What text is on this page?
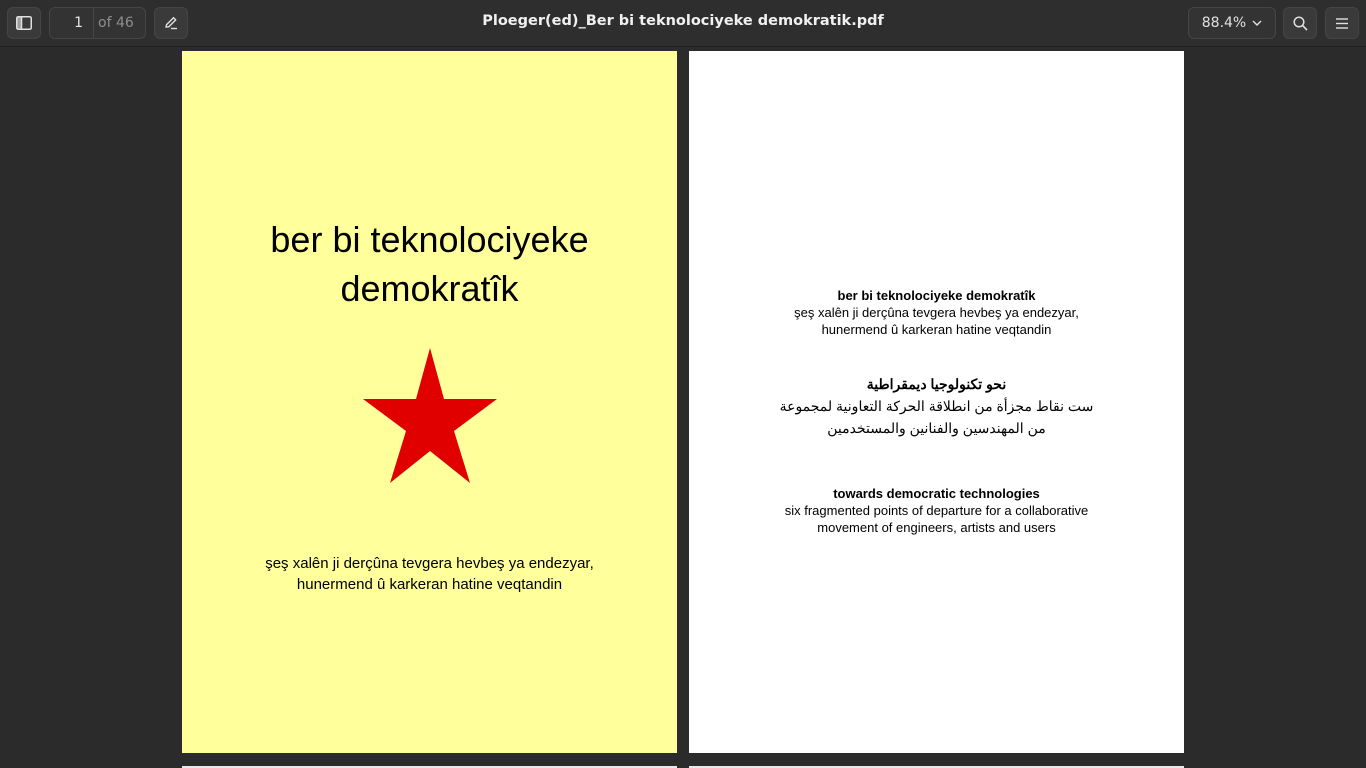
1	of 46	Ploeger(ed)_Ber bi teknolociyeke demokratik.pdf	88.4%
ber bi teknolociyeke
demokratîk
şeş xalên ji derçûna tevgera hevbeş ya endezyar,
hunermend û karkeran hatine veqtandin
ber bi teknolociyeke demokratîk
şeş xalên ji derçûna tevgera hevbeş ya endezyar,
hunermend û karkeran hatine veqtandin
نحو تكنولوجيا ديمقراطية
ست نقاط مجزأة من انطلاقة الحركة التعاونية لمجموعة
من المهندسين والفنانين والمستخدمين
towards democratic technologies
six fragmented points of departure for a collaborative
movement of engineers, artists and users
